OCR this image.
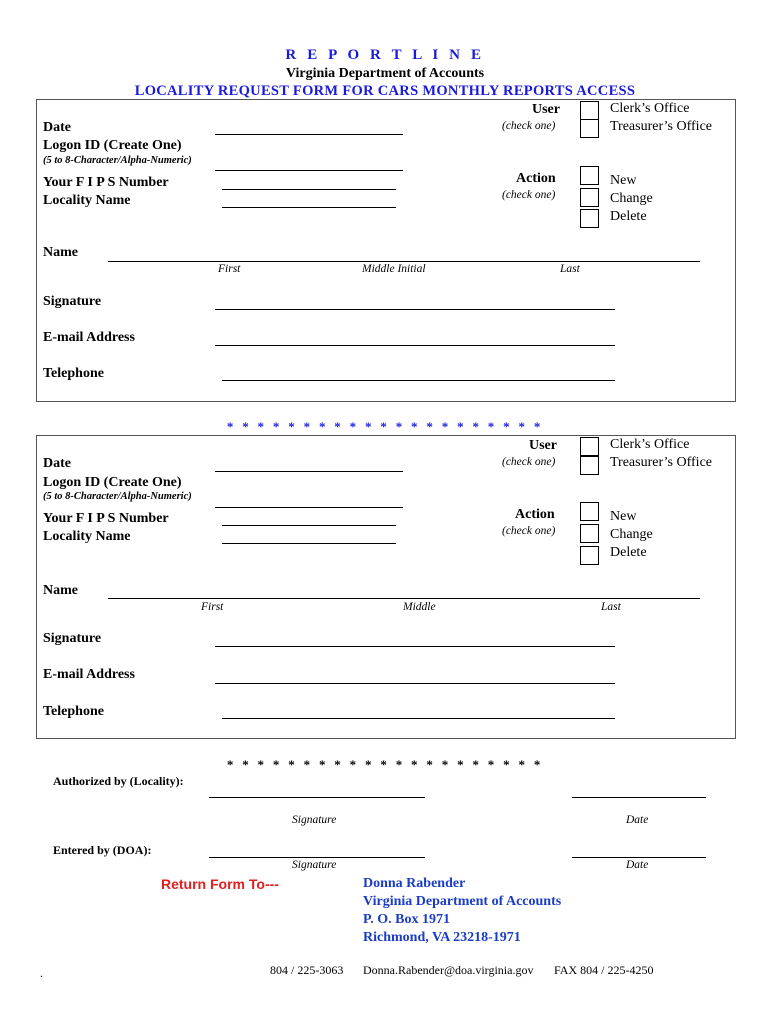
R E P O R T L I N E
Virginia Department of Accounts
LOCALITY REQUEST FORM FOR CARS MONTHLY REPORTS ACCESS
Date
Logon ID (Create One)
(5 to 8-Character/Alpha-Numeric)
Your F I P S Number
Locality Name
User
(check one)
Clerk’s Office
Treasurer’s Office
Action
(check one)
New
Change
Delete
Name
First	Middle Initial	Last
Signature
E-mail Address
Telephone
* * * * * * * * * * * * * * * * * * * * *
Date
Logon ID (Create One)
(5 to 8-Character/Alpha-Numeric)
Your F I P S Number
Locality Name
User
(check one)
Clerk’s Office
Treasurer’s Office
Action
(check one)
New
Change
Delete
Name
First	Middle	Last
Signature
E-mail Address
Telephone
* * * * * * * * * * * * * * * * * * * * *
Authorized by (Locality):
Signature	Date
Entered by (DOA):
Signature	Date
Return Form To---	Donna Rabender
Virginia Department of Accounts
P. O. Box 1971
Richmond, VA 23218-1971
.	804 / 225-3063 Donna.Rabender@doa.virginia.gov FAX 804 / 225-4250
